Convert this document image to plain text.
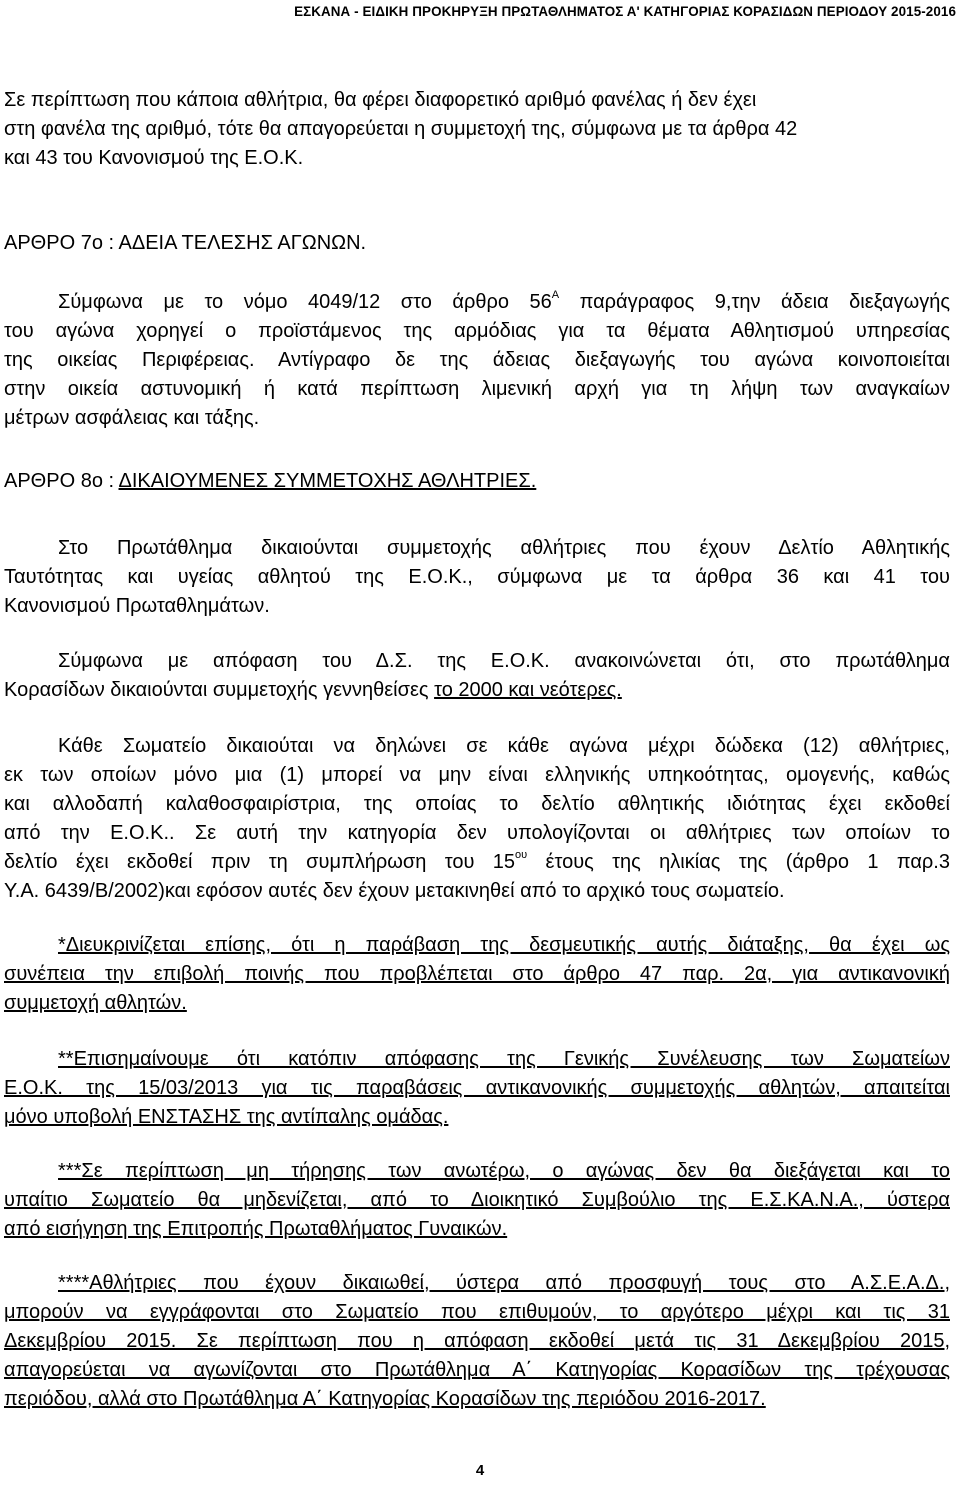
ΕΣΚΑΝΑ - ΕΙΔΙΚΗ ΠΡΟΚΗΡΥΞΗ ΠΡΩΤΑΘΛΗΜΑΤΟΣ Α' ΚΑΤΗΓΟΡΙΑΣ ΚΟΡΑΣΙΔΩΝ ΠΕΡΙΟΔΟΥ 2015-2016
Σε περίπτωση που κάποια αθλήτρια, θα φέρει διαφορετικό αριθμό φανέλας ή δεν έχει
στη φανέλα της αριθμό, τότε θα απαγορεύεται η συμμετοχή της, σύμφωνα με τα άρθρα 42
και 43 του Κανονισμού της Ε.Ο.Κ.
ΑΡΘΡΟ 7ο : ΑΔΕΙΑ ΤΕΛΕΣΗΣ ΑΓΩΝΩΝ.
Σύμφωνα με το νόμο 4049/12 στο άρθρο $56^A$ παράγραφος 9,την άδεια διεξαγωγής
του αγώνα χορηγεί ο προϊστάμενος της αρμόδιας για τα θέματα Αθλητισμού υπηρεσίας
της οικείας Περιφέρειας. Αντίγραφο δε της άδειας διεξαγωγής του αγώνα κοινοποιείται
στην οικεία αστυνομική ή κατά περίπτωση λιμενική αρχή για τη λήψη των αναγκαίων
μέτρων ασφάλειας και τάξης.
ΑΡΘΡΟ 8ο : ΔΙΚΑΙΟΥΜΕΝΕΣ ΣΥΜΜΕΤΟΧΗΣ ΑΘΛΗΤΡΙΕΣ.
Στο Πρωτάθλημα δικαιούνται συμμετοχής αθλήτριες που έχουν Δελτίο Αθλητικής
Ταυτότητας και υγείας αθλητού της Ε.Ο.Κ., σύμφωνα με τα άρθρα 36 και 41 του
Κανονισμού Πρωταθλημάτων.
Σύμφωνα με απόφαση του Δ.Σ. της Ε.Ο.Κ. ανακοινώνεται ότι, στο πρωτάθλημα
Κορασίδων δικαιούνται συμμετοχής γεννηθείσες το 2000 και νεότερες.
Κάθε Σωματείο δικαιούται να δηλώνει σε κάθε αγώνα μέχρι δώδεκα (12) αθλήτριες,
εκ των οποίων μόνο μια (1) μπορεί να μην είναι ελληνικής υπηκοότητας, ομογενής, καθώς
και αλλοδαπή καλαθοσφαιρίστρια, της οποίας το δελτίο αθλητικής ιδιότητας έχει εκδοθεί
από την Ε.Ο.Κ.. Σε αυτή την κατηγορία δεν υπολογίζονται οι αθλήτριες των οποίων το
δελτίο έχει εκδοθεί πριν τη συμπλήρωση του $15^{o\upsilon}$ έτους της ηλικίας της (άρθρο 1 παρ.3
Υ.Α. 6439/Β/2002)και εφόσον αυτές δεν έχουν μετακινηθεί από το αρχικό τους σωματείο.
*Διευκρινίζεται επίσης, ότι η παράβαση της δεσμευτικής αυτής διάταξης, θα έχει ως
συνέπεια την επιβολή ποινής που προβλέπεται στο άρθρο 47 παρ. 2α, για αντικανονική
συμμετοχή αθλητών.
**Επισημαίνουμε ότι κατόπιν απόφασης της Γενικής Συνέλευσης των Σωματείων
Ε.Ο.Κ. της 15/03/2013 για τις παραβάσεις αντικανονικής συμμετοχής αθλητών, απαιτείται
μόνο υποβολή ΕΝΣΤΑΣΗΣ της αντίπαλης ομάδας.
***Σε περίπτωση μη τήρησης των ανωτέρω, ο αγώνας δεν θα διεξάγεται και το
υπαίτιο Σωματείο θα μηδενίζεται, από το Διοικητικό Συμβούλιο της Ε.Σ.ΚΑ.Ν.Α., ύστερα
από εισήγηση της Επιτροπής Πρωταθλήματος Γυναικών.
****Αθλήτριες που έχουν δικαιωθεί, ύστερα από προσφυγή τους στο Α.Σ.Ε.Α.Δ.,
μπορούν να εγγράφονται στο Σωματείο που επιθυμούν, το αργότερο μέχρι και τις 31
Δεκεμβρίου 2015. Σε περίπτωση που η απόφαση εκδοθεί μετά τις 31 Δεκεμβρίου 2015,
απαγορεύεται να αγωνίζονται στο Πρωτάθλημα Α΄ Κατηγορίας Κορασίδων της τρέχουσας
περιόδου, αλλά στο Πρωτάθλημα Α΄ Κατηγορίας Κορασίδων της περιόδου 2016-2017.
4
